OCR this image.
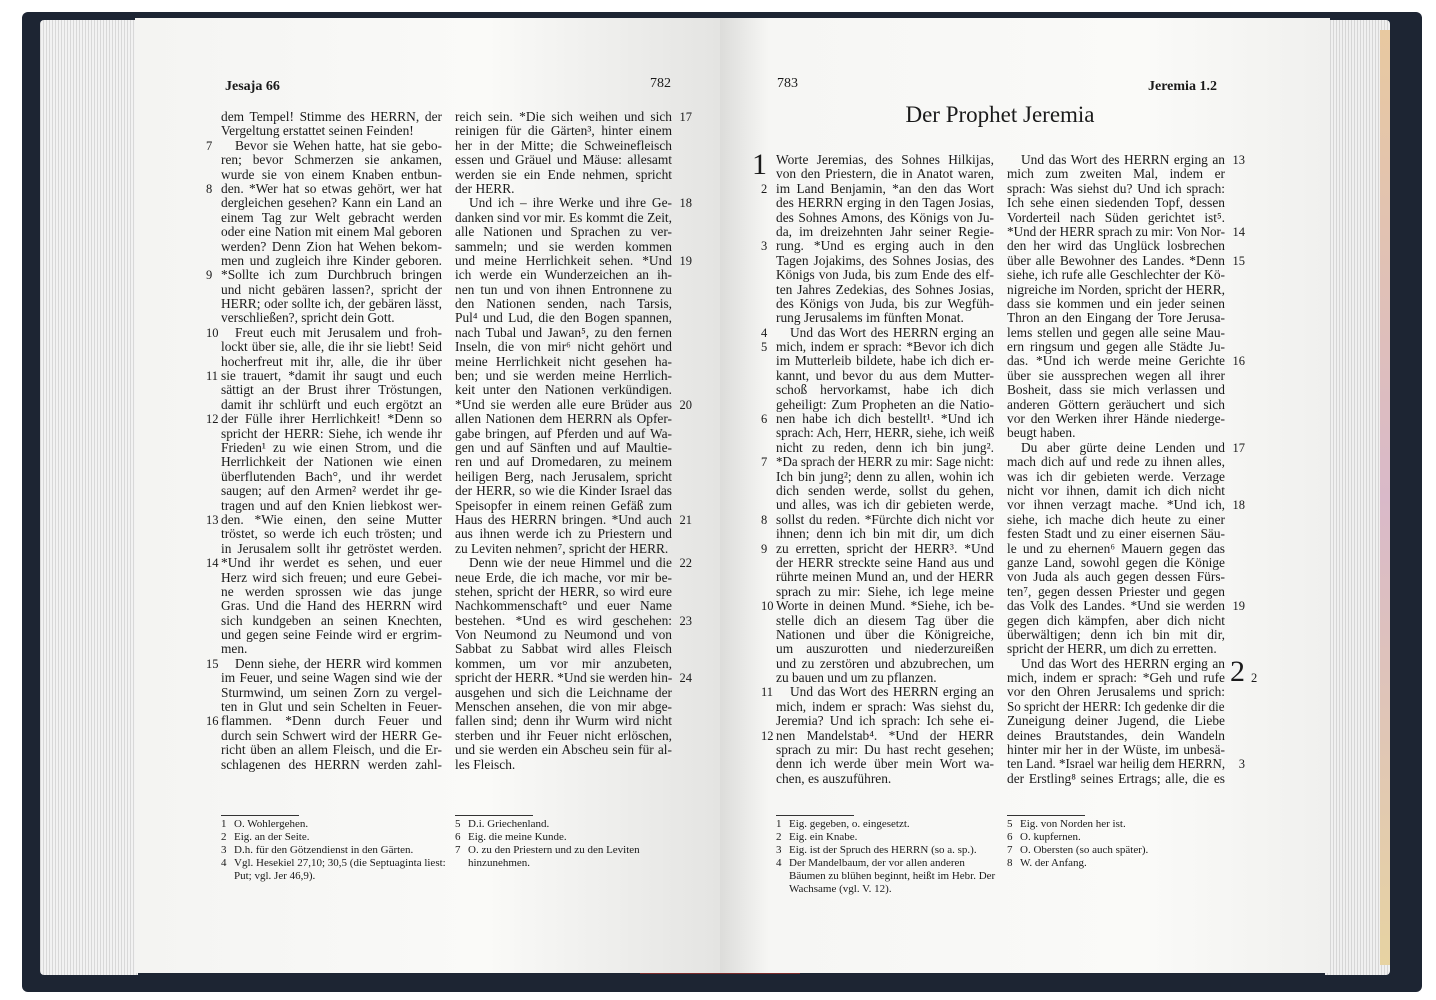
Jesaja 66	782	783	Jeremia 1.2
Der Prophet Jeremia
1
2 2
dem Tempel! Stimme des HERRN, der
Vergeltung erstattet seinen Feinden!
Bevor sie Wehen hatte, hat sie gebo-
7
ren; bevor Schmerzen sie ankamen,
wurde sie von einem Knaben entbun-
den. *Wer hat so etwas gehört, wer hat
8
dergleichen gesehen? Kann ein Land an
einem Tag zur Welt gebracht werden
oder eine Nation mit einem Mal geboren
werden? Denn Zion hat Wehen bekom-
men und zugleich ihre Kinder geboren.
*Sollte ich zum Durchbruch bringen
9
und nicht gebären lassen?, spricht der
HERR; oder sollte ich, der gebären lässt,
verschließen?, spricht dein Gott.
Freut euch mit Jerusalem und froh-
10
lockt über sie, alle, die ihr sie liebt! Seid
hocherfreut mit ihr, alle, die ihr über
sie trauert, *damit ihr saugt und euch
11
sättigt an der Brust ihrer Tröstungen,
damit ihr schlürft und euch ergötzt an
der Fülle ihrer Herrlichkeit! *Denn so
12
spricht der HERR: Siehe, ich wende ihr
Frieden¹ zu wie einen Strom, und die
Herrlichkeit der Nationen wie einen
überflutenden Bach°, und ihr werdet
saugen; auf den Armen² werdet ihr ge-
tragen und auf den Knien liebkost wer-
den. *Wie einen, den seine Mutter
13
tröstet, so werde ich euch trösten; und
in Jerusalem sollt ihr getröstet werden.
*Und ihr werdet es sehen, und euer
14
Herz wird sich freuen; und eure Gebei-
ne werden sprossen wie das junge
Gras. Und die Hand des HERRN wird
sich kundgeben an seinen Knechten,
und gegen seine Feinde wird er ergrim-
men.
Denn siehe, der HERR wird kommen
15
im Feuer, und seine Wagen sind wie der
Sturmwind, um seinen Zorn zu vergel-
ten in Glut und sein Schelten in Feuer-
flammen. *Denn durch Feuer und
16
durch sein Schwert wird der HERR Ge-
richt üben an allem Fleisch, und die Er-
schlagenen des HERRN werden zahl-
reich sein. *Die sich weihen und sich 17
reinigen für die Gärten³, hinter einem
her in der Mitte; die Schweinefleisch
essen und Gräuel und Mäuse: allesamt
werden sie ein Ende nehmen, spricht
der HERR.
Und ich – ihre Werke und ihre Ge- 18
danken sind vor mir. Es kommt die Zeit,
alle Nationen und Sprachen zu ver-
sammeln; und sie werden kommen
und meine Herrlichkeit sehen. *Und 19
ich werde ein Wunderzeichen an ih-
nen tun und von ihnen Entronnene zu
den Nationen senden, nach Tarsis,
Pul⁴ und Lud, die den Bogen spannen,
nach Tubal und Jawan⁵, zu den fernen
Inseln, die von mir⁶ nicht gehört und
meine Herrlichkeit nicht gesehen ha-
ben; und sie werden meine Herrlich-
keit unter den Nationen verkündigen.
*Und sie werden alle eure Brüder aus 20
allen Nationen dem HERRN als Opfer-
gabe bringen, auf Pferden und auf Wa-
gen und auf Sänften und auf Maultie-
ren und auf Dromedaren, zu meinem
heiligen Berg, nach Jerusalem, spricht
der HERR, so wie die Kinder Israel das
Speisopfer in einem reinen Gefäß zum
Haus des HERRN bringen. *Und auch 21
aus ihnen werde ich zu Priestern und
zu Leviten nehmen⁷, spricht der HERR.
Denn wie der neue Himmel und die 22
neue Erde, die ich mache, vor mir be-
stehen, spricht der HERR, so wird eure
Nachkommenschaft° und euer Name
bestehen. *Und es wird geschehen: 23
Von Neumond zu Neumond und von
Sabbat zu Sabbat wird alles Fleisch
kommen, um vor mir anzubeten,
spricht der HERR. *Und sie werden hin- 24
ausgehen und sich die Leichname der
Menschen ansehen, die von mir abge-
fallen sind; denn ihr Wurm wird nicht
sterben und ihr Feuer nicht erlöschen,
und sie werden ein Abscheu sein für al-
les Fleisch.
Worte Jeremias, des Sohnes Hilkijas,
von den Priestern, die in Anatot waren,
im Land Benjamin, *an den das Wort
2
des HERRN erging in den Tagen Josias,
des Sohnes Amons, des Königs von Ju-
da, im dreizehnten Jahr seiner Regie-
rung. *Und es erging auch in den
3
Tagen Jojakims, des Sohnes Josias, des
Königs von Juda, bis zum Ende des elf-
ten Jahres Zedekias, des Sohnes Josias,
des Königs von Juda, bis zur Wegfüh-
rung Jerusalems im fünften Monat.
Und das Wort des HERRN erging an
4
mich, indem er sprach: *Bevor ich dich
5
im Mutterleib bildete, habe ich dich er-
kannt, und bevor du aus dem Mutter-
schoß hervorkamst, habe ich dich
geheiligt: Zum Propheten an die Natio-
nen habe ich dich bestellt¹. *Und ich
6
sprach: Ach, Herr, HERR, siehe, ich weiß
nicht zu reden, denn ich bin jung².
*Da sprach der HERR zu mir: Sage nicht:
7
Ich bin jung²; denn zu allen, wohin ich
dich senden werde, sollst du gehen,
und alles, was ich dir gebieten werde,
sollst du reden. *Fürchte dich nicht vor
8
ihnen; denn ich bin mit dir, um dich
zu erretten, spricht der HERR³. *Und
9
der HERR streckte seine Hand aus und
rührte meinen Mund an, und der HERR
sprach zu mir: Siehe, ich lege meine
Worte in deinen Mund. *Siehe, ich be-
10
stelle dich an diesem Tag über die
Nationen und über die Königreiche,
um auszurotten und niederzureißen
und zu zerstören und abzubrechen, um
zu bauen und um zu pflanzen.
Und das Wort des HERRN erging an
11
mich, indem er sprach: Was siehst du,
Jeremia? Und ich sprach: Ich sehe ei-
nen Mandelstab⁴. *Und der HERR
12
sprach zu mir: Du hast recht gesehen;
denn ich werde über mein Wort wa-
chen, es auszuführen.
Und das Wort des HERRN erging an 13
mich zum zweiten Mal, indem er
sprach: Was siehst du? Und ich sprach:
Ich sehe einen siedenden Topf, dessen
Vorderteil nach Süden gerichtet ist⁵.
*Und der HERR sprach zu mir: Von Nor- 14
den her wird das Unglück losbrechen
über alle Bewohner des Landes. *Denn 15
siehe, ich rufe alle Geschlechter der Kö-
nigreiche im Norden, spricht der HERR,
dass sie kommen und ein jeder seinen
Thron an den Eingang der Tore Jerusa-
lems stellen und gegen alle seine Mau-
ern ringsum und gegen alle Städte Ju-
das. *Und ich werde meine Gerichte 16
über sie aussprechen wegen all ihrer
Bosheit, dass sie mich verlassen und
anderen Göttern geräuchert und sich
vor den Werken ihrer Hände niederge-
beugt haben.
Du aber gürte deine Lenden und 17
mach dich auf und rede zu ihnen alles,
was ich dir gebieten werde. Verzage
nicht vor ihnen, damit ich dich nicht
vor ihnen verzagt mache. *Und ich, 18
siehe, ich mache dich heute zu einer
festen Stadt und zu einer eisernen Säu-
le und zu ehernen⁶ Mauern gegen das
ganze Land, sowohl gegen die Könige
von Juda als auch gegen dessen Fürs-
ten⁷, gegen dessen Priester und gegen
das Volk des Landes. *Und sie werden 19
gegen dich kämpfen, aber dich nicht
überwältigen; denn ich bin mit dir,
spricht der HERR, um dich zu erretten.
Und das Wort des HERRN erging an
mich, indem er sprach: *Geh und rufe
vor den Ohren Jerusalems und sprich:
So spricht der HERR: Ich gedenke dir die
Zuneigung deiner Jugend, die Liebe
deines Brautstandes, dein Wandeln
hinter mir her in der Wüste, im unbesä-
ten Land. *Israel war heilig dem HERRN, 3
der Erstling⁸ seines Ertrags; alle, die es
1 O. Wohlergehen.
2 Eig. an der Seite.
3 D.h. für den Götzendienst in den Gärten.
4 Vgl. Hesekiel 27,10; 30,5 (die Septuaginta liest: Put; vgl. Jer 46,9).
5 D.i. Griechenland.
6 Eig. die meine Kunde.
7 O. zu den Priestern und zu den Leviten hinzunehmen.
1 Eig. gegeben, o. eingesetzt.
2 Eig. ein Knabe.
3 Eig. ist der Spruch des HERRN (so a. sp.).
4 Der Mandelbaum, der vor allen anderen Bäumen zu blühen beginnt, heißt im Hebr. Der Wachsame (vgl. V. 12).
5 Eig. von Norden her ist.
6 O. kupfernen.
7 O. Obersten (so auch später).
8 W. der Anfang.
